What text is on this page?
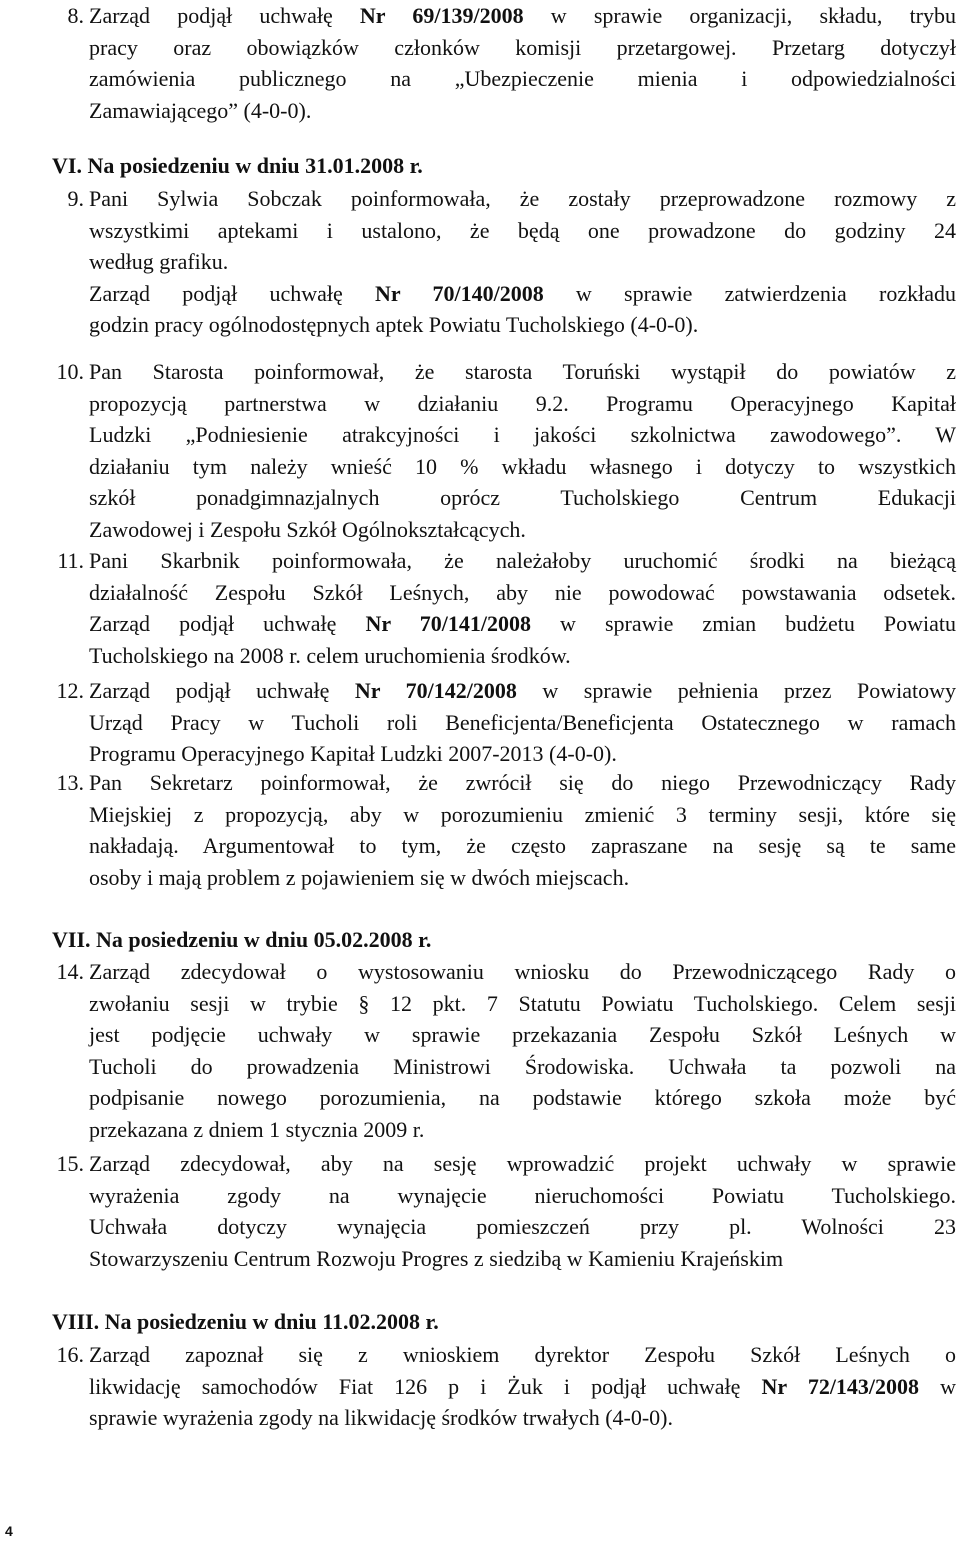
8. Zarząd podjął uchwałę Nr 69/139/2008 w sprawie organizacji, składu, trybu
pracy oraz obowiązków członków komisji przetargowej. Przetarg dotyczył
zamówienia publicznego na „Ubezpieczenie mienia i odpowiedzialności
Zamawiającego” (4-0-0).
VI. Na posiedzeniu w dniu 31.01.2008 r.
9. Pani Sylwia Sobczak poinformowała, że zostały przeprowadzone rozmowy z
wszystkimi aptekami i ustalono, że będą one prowadzone do godziny 24
według grafiku.
Zarząd podjął uchwałę Nr 70/140/2008 w sprawie zatwierdzenia rozkładu
godzin pracy ogólnodostępnych aptek Powiatu Tucholskiego (4-0-0).
10. Pan Starosta poinformował, że starosta Toruński wystąpił do powiatów z
propozycją partnerstwa w działaniu 9.2. Programu Operacyjnego Kapitał
Ludzki „Podniesienie atrakcyjności i jakości szkolnictwa zawodowego”. W
działaniu tym należy wnieść 10 % wkładu własnego i dotyczy to wszystkich
szkół ponadgimnazjalnych oprócz Tucholskiego Centrum Edukacji
Zawodowej i Zespołu Szkół Ogólnokształcących.
11. Pani Skarbnik poinformowała, że należałoby uruchomić środki na bieżącą
działalność Zespołu Szkół Leśnych, aby nie powodować powstawania odsetek.
Zarząd podjął uchwałę Nr 70/141/2008 w sprawie zmian budżetu Powiatu
Tucholskiego na 2008 r. celem uruchomienia środków.
12. Zarząd podjął uchwałę Nr 70/142/2008 w sprawie pełnienia przez Powiatowy
Urząd Pracy w Tucholi roli Beneficjenta/Beneficjenta Ostatecznego w ramach
Programu Operacyjnego Kapitał Ludzki 2007-2013 (4-0-0).
13. Pan Sekretarz poinformował, że zwrócił się do niego Przewodniczący Rady
Miejskiej z propozycją, aby w porozumieniu zmienić 3 terminy sesji, które się
nakładają. Argumentował to tym, że często zapraszane na sesję są te same
osoby i mają problem z pojawieniem się w dwóch miejscach.
VII. Na posiedzeniu w dniu 05.02.2008 r.
14. Zarząd zdecydował o wystosowaniu wniosku do Przewodniczącego Rady o
zwołaniu sesji w trybie § 12 pkt. 7 Statutu Powiatu Tucholskiego. Celem sesji
jest podjęcie uchwały w sprawie przekazania Zespołu Szkół Leśnych w
Tucholi do prowadzenia Ministrowi Środowiska. Uchwała ta pozwoli na
podpisanie nowego porozumienia, na podstawie którego szkoła może być
przekazana z dniem 1 stycznia 2009 r.
15. Zarząd zdecydował, aby na sesję wprowadzić projekt uchwały w sprawie
wyrażenia zgody na wynajęcie nieruchomości Powiatu Tucholskiego.
Uchwała dotyczy wynajęcia pomieszczeń przy pl. Wolności 23
Stowarzyszeniu Centrum Rozwoju Progres z siedzibą w Kamieniu Krajeńskim
VIII. Na posiedzeniu w dniu 11.02.2008 r.
16. Zarząd zapoznał się z wnioskiem dyrektor Zespołu Szkół Leśnych o
likwidację samochodów Fiat 126 p i Żuk i podjął uchwałę Nr 72/143/2008 w
sprawie wyrażenia zgody na likwidację środków trwałych (4-0-0).
4
